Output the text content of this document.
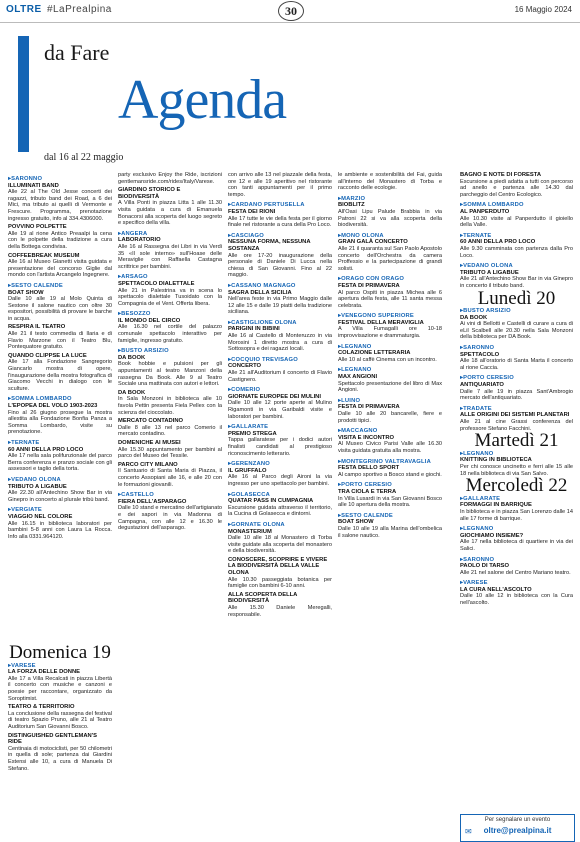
OLTRE #LaPrealpina	30	16 Maggio 2024
da Fare
Agenda
dal 16 al 22 maggio
▸ SARONNO
ILLUMINATI BAND

Alle 22 al The Old Jesse concerti dei ragazzi, tributo band dei Road, a 6 dei Mici, ma tributo ai quelli di Vermonte e Frescure. Programma, prenotazione ingresso gratuito, info al 334.4306000.

POVVINO POLPETTE

Alle 19 al rione Antico Preaalpi la cena con le polpette della tradizione a cura della Bottega condivisa.

COFFEEBREAK MUSEUM

Alle 16 al Museo Gianetti visita guidata e presentazione del concorso Giglie dal mondo con l'artista Arcangelo Ingegnere.

▸ SESTO CALENDE
BOAT SHOW

Dalle 10 alle 19 al Molo Quinta di Sestone il salone nautico con oltre 30 espositori, possibilità di provare le barche in acqua.

RESPIRA IL TEATRO

Alle 21 il testo commedia di Ilaria e di Flavio Marzone con il Teatro Blu, Pontequatore gratuito.

QUANDO CLIPPSE LA LUCE

Alle 17 alla Fondazione Sangregorio Giancarlo mostra di opere, l'inaugurazione della mostra fotografica di Giacomo Vecchi in dialogo con le sculture.

▸ SOMMA LOMBARDO
L'EPOPEA DEL VOLO 1903-2023

Fino al 26 giugno prosegue la mostra allestita alla Fondazione Bonfia Panza a Somma Lombardo, visite su prenotazione.

▸ TERNATE
60 ANNI DELLA PRO LOCO

Alle 17 nella sala polifunzionale del parco Berra conferenza e pranzo sociale con gli assessori e taglio della torta.

▸ VEDANO OLONA
TRIBUTO A LIGABUE

Alle 22.30 all'Antechino Show Bar in via Ginepro in concerto al plurale tribù band.

▸ VERGIATE
VIAGGIO NEL COLORE

Alle 16.15 in biblioteca laboratori per bambini 5-8 anni con Laura La Rocca. Info alla 0331.964120.

Domenica 19
▸ VARESE
LA FORZA DELLE DONNE

Alle 17 a Villa Recalcati in piazza Libertà il concerto con musiche e canzoni e poesie per raccontare, organizzato da Soroptimist.

TEATRO & TERRITORIO

La conclusione della rassegna del festival di teatro Spazio Pruno, alle 21 al Teatro Auditorium San Giovanni Bosco.

DISTINGUISHED GENTLEMAN'S RIDE

Centinaia di motociclisti, per 50 chilometri in quella di sole; partenza dai Giardini Estensi alle 10, a cura di Manuela Di Stefano.

party esclusivo Enjoy the Ride, iscrizioni gentlemansride.com/rides/Italy/Varese.

GIARDINO STORICO E BIODIVERSITÀ

A Villa Ponti in piazza Litta 1 alle 11.30 visita guidata a cura di Emanuela Bonacorsi alla scoperta del luogo segreto e specifico della villa.

▸ ANGERA
LABORATORIO

Alle 16 al Rassegna dei Libri in via Verdi 35 «Il sole interno» sull'Hoase delle Meraviglie con Raffaella Castagna scrittrice per bambini.

▸ ARSAGO
SPETTACOLO DIALETTALE

Alle 21 in Palestrina va in scena lo spettacolo dialettale Tusoidato con la Compagnia de el Vent. Offerta libera.

▸ BESOZZO
IL MONDO DEL CIRCO

Alle 16.30 nel cortile del palazzo comunale spettacolo interattivo per famiglie, ingresso gratuito.

▸ BUSTO ARSIZIO
DA BOOK

Book hobbie e pulsioni per gli appuntamenti al teatro Manzoni della rassegna Da Book. Alle 9 al Teatro Sociale una mattinata con autori e lettori.

DA BOOK

In Sala Monzoni in biblioteca alle 10 favola Pettin presenta Fiela Pellex con la scienza del cioccolato.

MERCATO CONTADINO

Dalle 8 alle 13 nel parco Comerio il mercato contadino.

DOMENICHE AI MUSEI

Alle 15.30 appuntamento per bambini al parco del Museo del Tessile.

PARCO CITY MILANO

Il Santuario di Santa Maria di Piazza, il concerto Assopiani alle 16, e alle 20 con le formazioni giovanili.

▸ CASTELLO
FIERA DELL'ASPARAGO

Dalle 10 stand e mercatino dell'artigianato e dei sapori in via Madonna di Campagna, con alle 12 e 16.30 le degustazioni dell'asparago.

con arrivo alle 13 nel piazzale della festa, ore 12 e alle 19 aperitivo nel ristorante con tanti appuntamenti per il primo tempo.

▸ CARDANO PERTUSELLA
FESTA DEI RIONI

Alle 17 tutte le vie della festa per il giorno finale nel ristorante a cura della Pro Loco.

▸ CASCIAGO
NESSUNA FORMA, NESSUNA SOSTANZA

Alle ore 17-20 inaugurazione della personale di Daniele Di Lucca nella chiesa di San Giovanni. Fino al 22 maggio.

▸ CASSANO MAGNAGO
SAGRA DELLA SICILIA

Nell'area feste in via Primo Maggio dalle 12 alle 15 e dalle 19 piatti della tradizione siciliana.

▸ CASTIGLIONE OLONA
PARIGINI IN BIBINI

Alle 16 al Castello di Monteruzzo in via Morosini 1 diretto mostra a cura di Sottosopra e dei ragazzi locali.

▸ COCQUIO TREVISAGO
CONCERTO

Alle 21 all'Auditorium il concerto di Flavio Castignero.

▸ COMERIO
GIORNATE EUROPEE DEI MULINI

Dalle 10 alle 12 porte aperte al Mulino Rigamonti in via Garibaldi visite e laboratori per bambini.

▸ GALLARATE
PREMIO STREGA

Tappa gallaratese per i dodici autori finalisti candidati al prestigioso riconoscimento letterario.

▸ GERENZANO
IL GRUFFALO

Alle 16 al Parco degli Aironi la via ingresso per uno spettacolo per bambini.

▸ GOLASECCA
QUATAR PASS IN CUMPAGNIA

Escursione guidata attraverso il territorio, la Cucina di Golasecca e dintorni.

▸ GORNATE OLONA
MONASTERIUM

Dalle 10 alle 18 al Monastero di Torba visite guidate alla scoperta del monastero e della biodiversità.

CONOSCERE, SCOPRIRE E VIVERE LA BIODIVERSITÀ DELLA VALLE OLONA

Alle 10.30 passeggiata botanica per famiglie con bambini 6-10 anni.

ALLA SCOPERTA DELLA BIODIVERSITÀ

Alle 15.30 Daniele Meregalli, responsabile.

le ambiente e sostenibilità del Fai, guida all'interno del Monastero di Torba e racconto delle ecologie.

▸ MARZIO
BIOBLITZ

All'Oasi Lipu Palude Brabbia in via Patroni 22 si va alla scoperta della biodiversità.

▸ MONO OLONA
GRAN GALÀ CONCERTO

Alle 21 il quaranta sul San Paolo Apostolo concerto dell'Orchestra da camera Proffessio e la partecipazione di grandi solisti.

▸ ORAGO CON ORAGO
FESTA DI PRIMAVERA

Al parco Ospiti in piazza Michea alle 6 apertura della festa, alle 11 santa messa celebrata.

▸ VENEGONO SUPERIORE
FESTIVAL DELLA MERAVIGLIA

A Villa Fumagalli ore 10-18 improvvisazione e drammaturgia.

▸ LEGNANO
COLAZIONE LETTERARIA

Alle 10 al caffè Cinema con un incontro.

▸ LEGNANO
MAX ANGIONI

Spettacolo presentazione del libro di Max Angioni.

▸ LUINO
FESTA DI PRIMAVERA

Dalle 10 alle 20 bancarelle, fiere e prodotti tipici.

▸ MACCAGNO
VISITA E INCONTRO

Al Museo Civico Parisi Valle alle 16.30 visita guidata gratuita alla mostra.

▸ MONTEGRINO VALTRAVAGLIA
FESTA DELLO SPORT

Al campo sportivo a Bosco stand e giochi.

▸ PORTO CERESIO
TRA CIOLA E TERRA

In Villa Lusardi in via San Giovanni Bosco alle 10 apertura della mostra.

▸ SESTO CALENDE
BOAT SHOW

Dalle 10 alle 19 alla Marina dell'ombelica il salone nautico.

BAGNO E NOTE DI FORESTA

Escursione a piedi adatta a tutti con percorso ad anello e partenza alle 14.30 dal parcheggio del Centro Ecologico.

▸ SOMMA LOMBARDO
AL PANPERDUTO

Alle 10.30 visite al Panperdutto il gioiello della Valle.

▸ TERNATE
60 ANNI DELLA PRO LOCO

Alle 9.30 camminata con partenza dalla Pro Loco.

▸ VEDANO OLONA
TRIBUTO A LIGABUE

Alle 21 all'Antechino Show Bar in via Ginepro in concerto il tributo band.

Lunedì 20
▸ BUSTO ARSIZIO
DA BOOK

Ai vini di Bellotti e Castelli di curare a cura di eLil Scalbell alle 20.30 nella Sala Monzoni della biblioteca per DA Book.

▸ SARONNO
SPETTACOLO

Alle 18 all'oratorio di Santa Marta il concerto al rione Caccia.

▸ PORTO CERESIO
ANTIQUARIATO

Dalle 7 alle 19 in piazza Sant'Ambrogio mercato dell'antiquariato.

▸ TRADATE
ALLE ORIGINI DEI SISTEMI PLANETARI

Alle 21 al cine Grassi conferenza del professore Stefano Facchini.

Martedì 21
▸ LEGNANO
KNITTING IN BIBLIOTECA

Per chi conosce uncinetto e ferri alle 15 alle 18 nella biblioteca di via San Salvo.

Mercoledì 22
▸ GALLARATE
FORMAGGI IN BARRIQUE

In biblioteca e in piazza San Lorenzo dalle 14 alle 17 forme di barrique.

▸ LEGNANO
GIOCHIAMO INSIEME?

Alle 17 nella biblioteca di quartiere in via dei Salici.

▸ SARONNO
PAOLO DI TARSO

Alle 21 nel salone del Centro Mariano teatro.

▸ VARESE
LA CURA NELL'ASCOLTO

Dalle 10 alle 12 in biblioteca con la Cura nell'ascolto.

Per segnalare un evento
✉	oltre@prealpina.it
